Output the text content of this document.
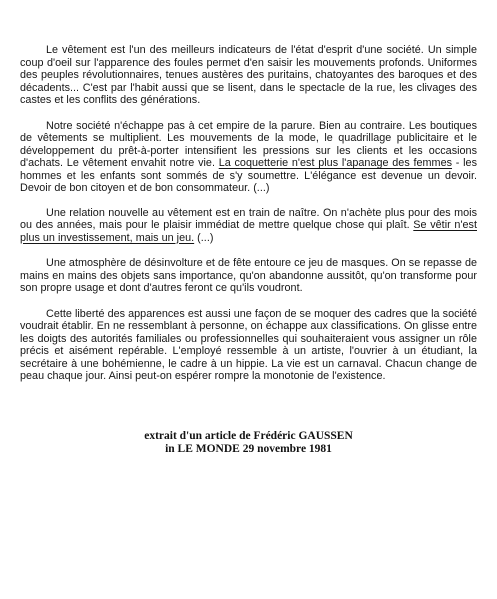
Le vêtement est l'un des meilleurs indicateurs de l'état d'esprit d'une société. Un simple coup d'oeil sur l'apparence des foules permet d'en saisir les mouvements profonds. Uniformes des peuples révolutionnaires, tenues austères des puritains, chatoyantes des baroques et des décadents... C'est par l'habit aussi que se lisent, dans le spectacle de la rue, les clivages des castes et les conflits des générations.

Notre société n'échappe pas à cet empire de la parure. Bien au contraire. Les boutiques de vêtements se multiplient. Les mouvements de la mode, le quadrillage publicitaire et le développement du prêt-à-porter intensifient les pressions sur les clients et les occasions d'achats. Le vêtement envahit notre vie. La coquetterie n'est plus l'apanage des femmes - les hommes et les enfants sont sommés de s'y soumettre. L'élégance est devenue un devoir. Devoir de bon citoyen et de bon consommateur. (...)

Une relation nouvelle au vêtement est en train de naître. On n'achète plus pour des mois ou des années, mais pour le plaisir immédiat de mettre quelque chose qui plaît. Se vêtir n'est plus un investissement, mais un jeu. (...)

Une atmosphère de désinvolture et de fête entoure ce jeu de masques. On se repasse de mains en mains des objets sans importance, qu'on abandonne aussitôt, qu'on transforme pour son propre usage et dont d'autres feront ce qu'ils voudront.

Cette liberté des apparences est aussi une façon de se moquer des cadres que la société voudrait établir. En ne ressemblant à personne, on échappe aux classifications. On glisse entre les doigts des autorités familiales ou professionnelles qui souhaiteraient vous assigner un rôle précis et aisément repérable. L'employé ressemble à un artiste, l'ouvrier à un étudiant, la secrétaire à une bohémienne, le cadre à un hippie. La vie est un carnaval. Chacun change de peau chaque jour. Ainsi peut-on espérer rompre la monotonie de l'existence.

extrait d'un article de Frédéric GAUSSEN
in LE MONDE 29 novembre 1981
